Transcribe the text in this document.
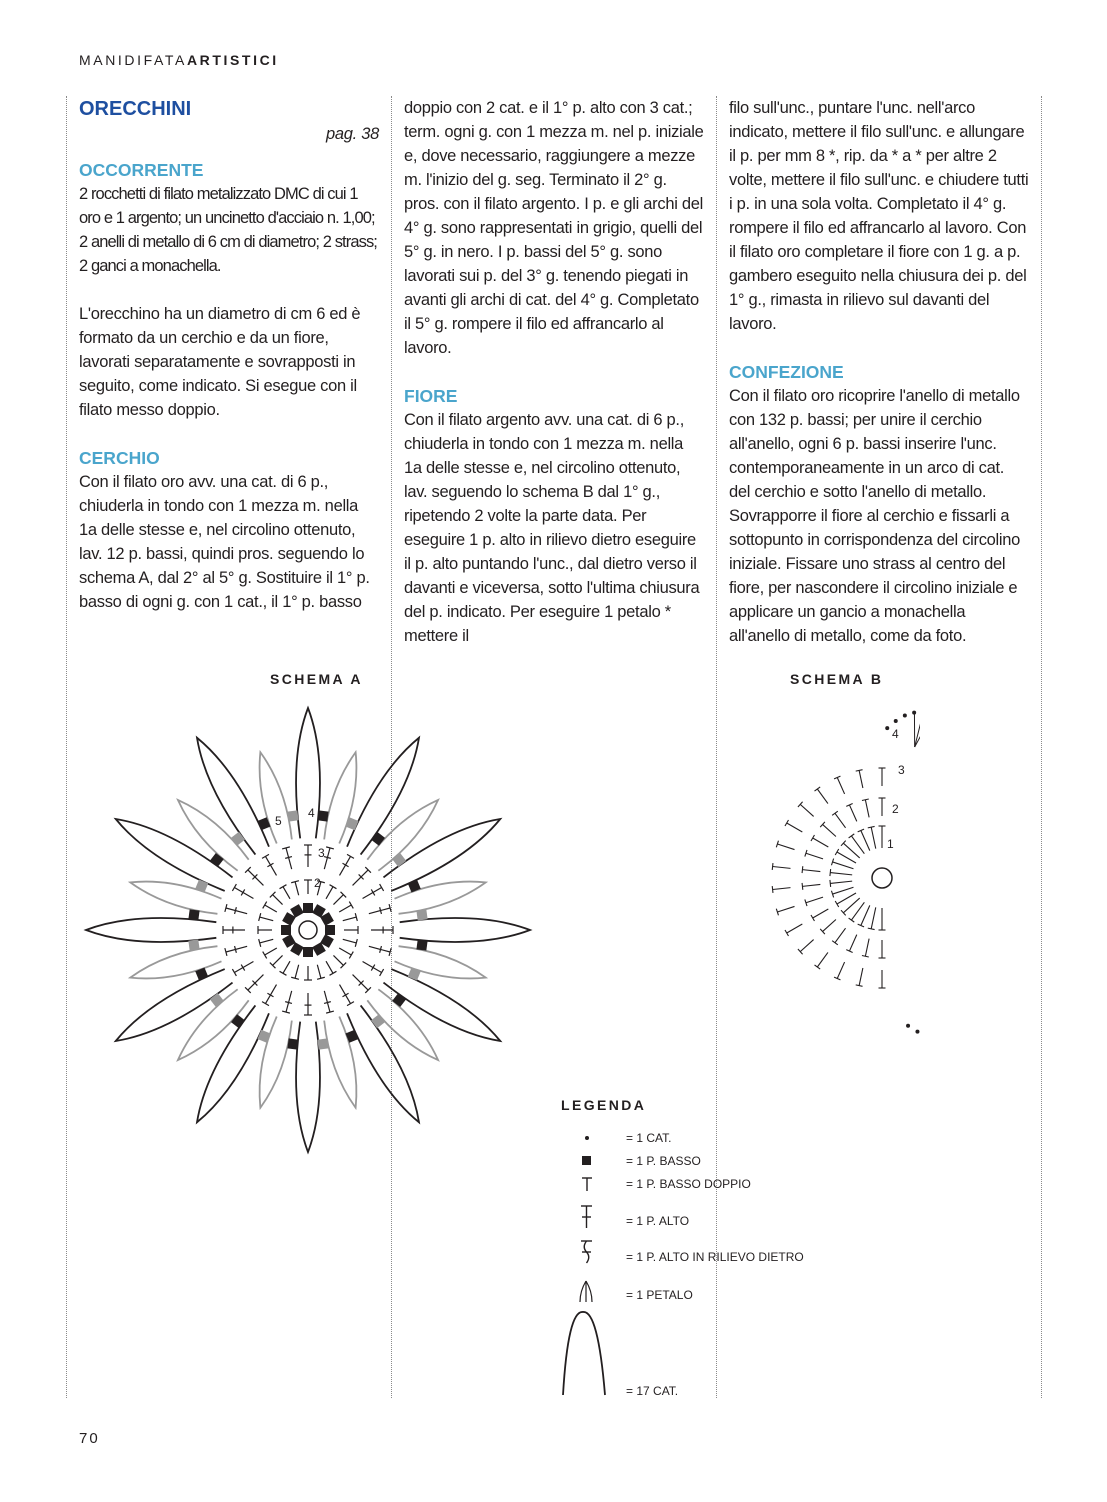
MANIDIFATAARTISTICI

ORECCHINI

pag. 38

OCCORRENTE

2 rocchetti di filato metalizzato DMC di cui 1 oro e 1 argento; un uncinetto d'acciaio n. 1,00; 2 anelli di metallo di 6 cm di diametro; 2 strass; 2 ganci a monachella.

L'orecchino ha un diametro di cm 6 ed è formato da un cerchio e da un fiore, lavorati separatamente e sovrapposti in seguito, come indicato. Si esegue con il filato messo doppio.

CERCHIO

Con il filato oro avv. una cat. di 6 p., chiuderla in tondo con 1 mezza m. nella 1a delle stesse e, nel circolino ottenuto, lav. 12 p. bassi, quindi pros. seguendo lo schema A, dal 2° al 5° g. Sostituire il 1° p. basso di ogni g. con 1 cat., il 1° p. basso

doppio con 2 cat. e il 1° p. alto con 3 cat.; term. ogni g. con 1 mezza m. nel p. iniziale e, dove necessario, raggiungere a mezze m. l'inizio del g. seg. Terminato il 2° g. pros. con il filato argento. I p. e gli archi del 4° g. sono rappresentati in grigio, quelli del 5° g. in nero. I p. bassi del 5° g. sono lavorati sui p. del 3° g. tenendo piegati in avanti gli archi di cat. del 4° g. Completato il 5° g. rompere il filo ed affrancarlo al lavoro.

FIORE

Con il filato argento avv. una cat. di 6 p., chiuderla in tondo con 1 mezza m. nella 1a delle stesse e, nel circolino ottenuto, lav. seguendo lo schema B dal 1° g., ripetendo 2 volte la parte data. Per eseguire 1 p. alto in rilievo dietro eseguire il p. alto puntando l'unc., dal dietro verso il davanti e viceversa, sotto l'ultima chiusura del p. indicato. Per eseguire 1 petalo * mettere il

filo sull'unc., puntare l'unc. nell'arco indicato, mettere il filo sull'unc. e allungare il p. per mm 8 *, rip. da * a * per altre 2 volte, mettere il filo sull'unc. e chiudere tutti i p. in una sola volta. Completato il 4° g. rompere il filo ed affrancarlo al lavoro. Con il filato oro completare il fiore con 1 g. a p. gambero eseguito nella chiusura dei p. del 1° g., rimasta in rilievo sul davanti del lavoro.

CONFEZIONE

Con il filato oro ricoprire l'anello di metallo con 132 p. bassi; per unire il cerchio all'anello, ogni 6 p. bassi inserire l'unc. contemporaneamente in un arco di cat. del cerchio e sotto l'anello di metallo. Sovrapporre il fiore al cerchio e fissarli a sottopunto in corrispondenza del circolino iniziale. Fissare uno strass al centro del fiore, per nascondere il circolino iniziale e applicare un gancio a monachella all'anello di metallo, come da foto.

SCHEMA A	SCHEMA B
2
3
4
5
1
2
3
4
LEGENDA
= 1 CAT.
= 1 P. BASSO
= 1 P. BASSO DOPPIO
= 1 P. ALTO
= 1 P. ALTO IN RILIEVO DIETRO
= 1 PETALO
= 17 CAT.
70
